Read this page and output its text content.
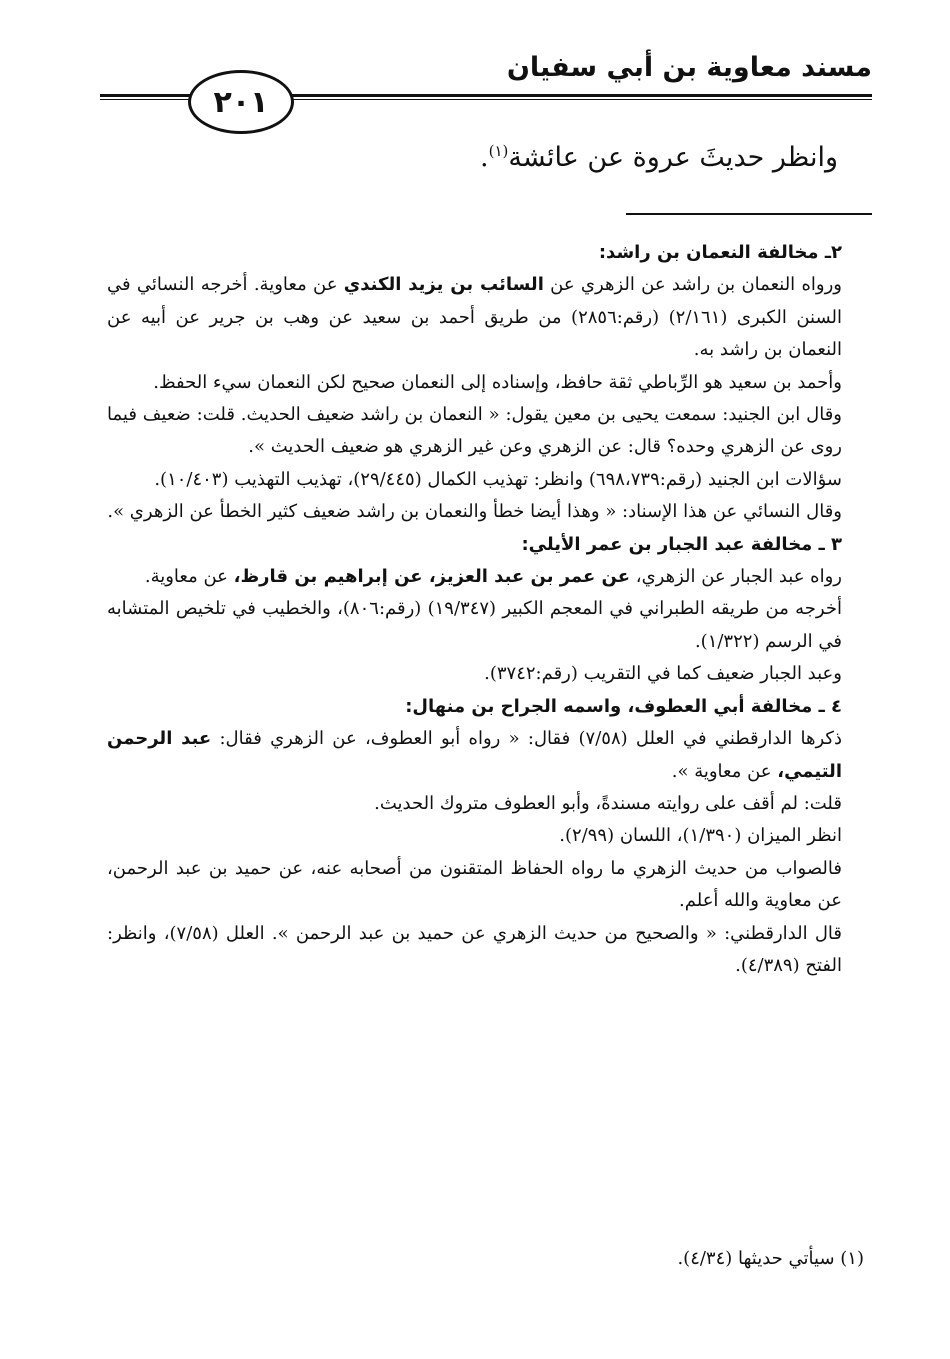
مسند معاوية بن أبي سفيان
٢٠١
وانظر حديثَ عروة عن عائشة$^{(١)}$.

٢ـ مخالفة النعمان بن راشد:

ورواه النعمان بن راشد عن الزهري عن السائب بن يزيد الكندي عن معاوية. أخرجه النسائي في السنن الكبرى (٢/١٦١) (رقم:٢٨٥٦) من طريق أحمد بن سعيد عن وهب بن جرير عن أبيه عن النعمان بن راشد به.

وأحمد بن سعيد هو الرِّباطي ثقة حافظ، وإسناده إلى النعمان صحيح لكن النعمان سيء الحفظ.

وقال ابن الجنيد: سمعت يحيى بن معين يقول: « النعمان بن راشد ضعيف الحديث. قلت: ضعيف فيما روى عن الزهري وحده؟ قال: عن الزهري وعن غير الزهري هو ضعيف الحديث ».

سؤالات ابن الجنيد (رقم:٦٩٨،٧٣٩) وانظر: تهذيب الكمال (٢٩/٤٤٥)، تهذيب التهذيب (١٠/٤٠٣).

وقال النسائي عن هذا الإسناد: « وهذا أيضا خطأ والنعمان بن راشد ضعيف كثير الخطأ عن الزهري ».

٣ ـ مخالفة عبد الجبار بن عمر الأيلي:

رواه عبد الجبار عن الزهري، عن عمر بن عبد العزيز، عن إبراهيم بن قارظ، عن معاوية.

أخرجه من طريقه الطبراني في المعجم الكبير (١٩/٣٤٧) (رقم:٨٠٦)، والخطيب في تلخيص المتشابه في الرسم (١/٣٢٢).

وعبد الجبار ضعيف كما في التقريب (رقم:٣٧٤٢).

٤ ـ مخالفة أبي العطوف، واسمه الجراح بن منهال:

ذكرها الدارقطني في العلل (٧/٥٨) فقال: « رواه أبو العطوف، عن الزهري فقال: عبد الرحمن التيمي، عن معاوية ».

قلت: لم أقف على روايته مسندةً، وأبو العطوف متروك الحديث.

انظر الميزان (١/٣٩٠)، اللسان (٢/٩٩).

فالصواب من حديث الزهري ما رواه الحفاظ المتقنون من أصحابه عنه، عن حميد بن عبد الرحمن، عن معاوية والله أعلم.

قال الدارقطني: « والصحيح من حديث الزهري عن حميد بن عبد الرحمن ». العلل (٧/٥٨)، وانظر: الفتح (٤/٣٨٩).

(١) سيأتي حديثها (٤/٣٤).
